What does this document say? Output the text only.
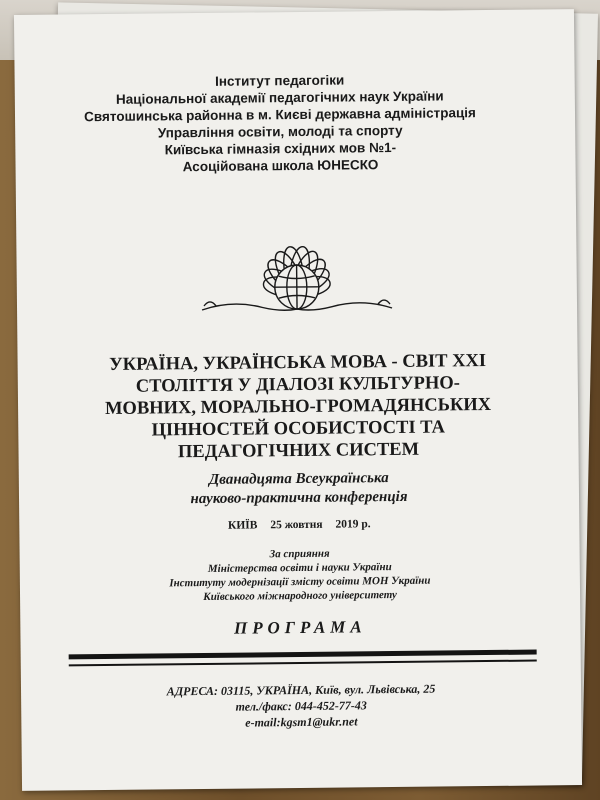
Інститут педагогіки
Національної академії педагогічних наук України
Святошинська районна в м. Києві державна адміністрація
Управління освіти, молоді та спорту
Київська гімназія східних мов №1-
Асоційована школа ЮНЕСКО
УКРАЇНА, УКРАЇНСЬКА МОВА - СВІТ XXI
СТОЛІТТЯ У ДІАЛОЗІ КУЛЬТУРНО-
МОВНИХ, МОРАЛЬНО-ГРОМАДЯНСЬКИХ
ЦІННОСТЕЙ ОСОБИСТОСТІ ТА
ПЕДАГОГІЧНИХ СИСТЕМ
Дванадцята Всеукраїнська
науково-практична конференція
КИЇВ 25 жовтня 2019 р.
За сприяння
Міністерства освіти і науки України
Інституту модернізації змісту освіти МОН України
Київського міжнародного університету
ПРОГРАМА
АДРЕСА: 03115, УКРАЇНА, Київ, вул. Львівська, 25
тел./факс: 044-452-77-43
e-mail:kgsm1@ukr.net
